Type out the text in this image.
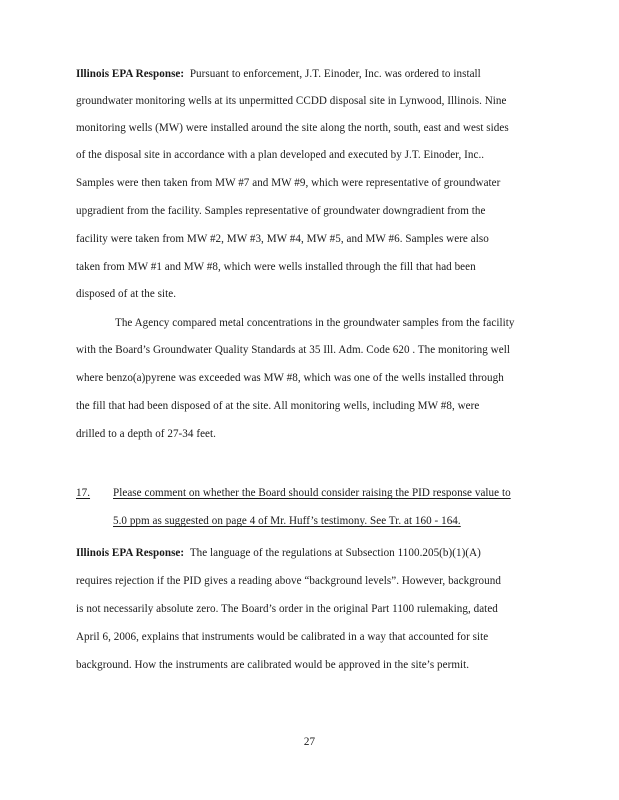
Illinois EPA Response: Pursuant to enforcement, J.T. Einoder, Inc. was ordered to install
groundwater monitoring wells at its unpermitted CCDD disposal site in Lynwood, Illinois. Nine
monitoring wells (MW) were installed around the site along the north, south, east and west sides
of the disposal site in accordance with a plan developed and executed by J.T. Einoder, Inc..
Samples were then taken from MW #7 and MW #9, which were representative of groundwater
upgradient from the facility. Samples representative of groundwater downgradient from the
facility were taken from MW #2, MW #3, MW #4, MW #5, and MW #6. Samples were also
taken from MW #1 and MW #8, which were wells installed through the fill that had been
disposed of at the site.
The Agency compared metal concentrations in the groundwater samples from the facility
with the Board’s Groundwater Quality Standards at 35 Ill. Adm. Code 620 . The monitoring well
where benzo(a)pyrene was exceeded was MW #8, which was one of the wells installed through
the fill that had been disposed of at the site. All monitoring wells, including MW #8, were
drilled to a depth of 27-34 feet.
17. Please comment on whether the Board should consider raising the PID response value to
5.0 ppm as suggested on page 4 of Mr. Huff’s testimony. See Tr. at 160 - 164.
Illinois EPA Response: The language of the regulations at Subsection 1100.205(b)(1)(A)
requires rejection if the PID gives a reading above “background levels”. However, background
is not necessarily absolute zero. The Board’s order in the original Part 1100 rulemaking, dated
April 6, 2006, explains that instruments would be calibrated in a way that accounted for site
background. How the instruments are calibrated would be approved in the site’s permit.
27
